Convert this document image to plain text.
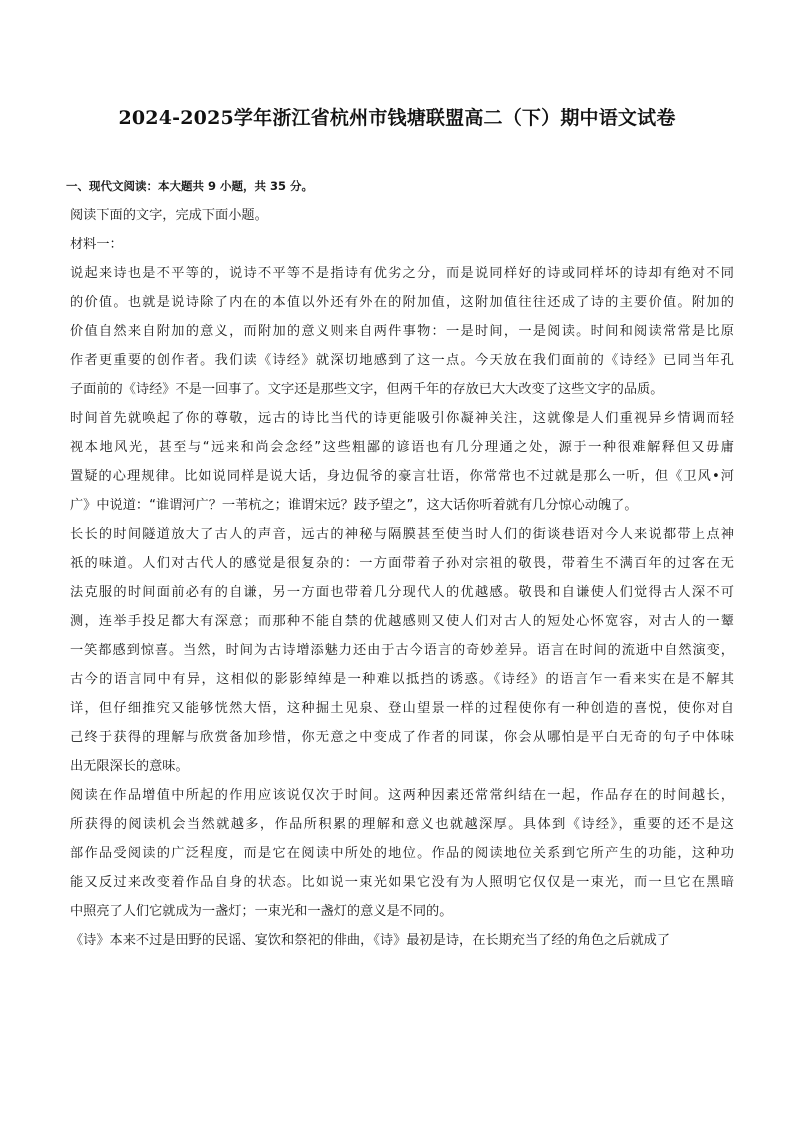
2024-2025学年浙江省杭州市钱塘联盟高二（下）期中语文试卷
一、现代文阅读：本大题共 9 小题，共 35 分。
阅读下面的文字，完成下面小题。
材料一：
说起来诗也是不平等的，说诗不平等不是指诗有优劣之分，而是说同样好的诗或同样坏的诗却有绝对不同
的价值。也就是说诗除了内在的本值以外还有外在的附加值，这附加值往往还成了诗的主要价值。附加的
价值自然来自附加的意义，而附加的意义则来自两件事物：一是时间，一是阅读。时间和阅读常常是比原
作者更重要的创作者。我们读《诗经》就深切地感到了这一点。今天放在我们面前的《诗经》已同当年孔
子面前的《诗经》不是一回事了。文字还是那些文字，但两千年的存放已大大改变了这些文字的品质。
时间首先就唤起了你的尊敬，远古的诗比当代的诗更能吸引你凝神关注，这就像是人们重视异乡情调而轻
视本地风光，甚至与“远来和尚会念经”这些粗鄙的谚语也有几分理通之处，源于一种很难解释但又毋庸
置疑的心理规律。比如说同样是说大话，身边侃爷的豪言壮语，你常常也不过就是那么一听，但《卫风•河
广》中说道：“谁谓河广？一苇杭之；谁谓宋远？跂予望之”，这大话你听着就有几分惊心动魄了。
长长的时间隧道放大了古人的声音，远古的神秘与隔膜甚至使当时人们的街谈巷语对今人来说都带上点神
祇的味道。人们对古代人的感觉是很复杂的：一方面带着子孙对宗祖的敬畏，带着生不满百年的过客在无
法克服的时间面前必有的自谦，另一方面也带着几分现代人的优越感。敬畏和自谦使人们觉得古人深不可
测，连举手投足都大有深意；而那种不能自禁的优越感则又使人们对古人的短处心怀宽容，对古人的一颦
一笑都感到惊喜。当然，时间为古诗增添魅力还由于古今语言的奇妙差异。语言在时间的流逝中自然演变，
古今的语言同中有异，这相似的影影绰绰是一种难以抵挡的诱惑。《诗经》的语言乍一看来实在是不解其
详，但仔细推究又能够恍然大悟，这种掘土见泉、登山望景一样的过程使你有一种创造的喜悦，使你对自
己终于获得的理解与欣赏备加珍惜，你无意之中变成了作者的同谋，你会从哪怕是平白无奇的句子中体味
出无限深长的意味。
阅读在作品增值中所起的作用应该说仅次于时间。这两种因素还常常纠结在一起，作品存在的时间越长，
所获得的阅读机会当然就越多，作品所积累的理解和意义也就越深厚。具体到《诗经》，重要的还不是这
部作品受阅读的广泛程度，而是它在阅读中所处的地位。作品的阅读地位关系到它所产生的功能，这种功
能又反过来改变着作品自身的状态。比如说一束光如果它没有为人照明它仅仅是一束光，而一旦它在黑暗
中照亮了人们它就成为一盏灯；一束光和一盏灯的意义是不同的。
《诗》本来不过是田野的民谣、宴饮和祭祀的俳曲，《诗》最初是诗，在长期充当了经的角色之后就成了
